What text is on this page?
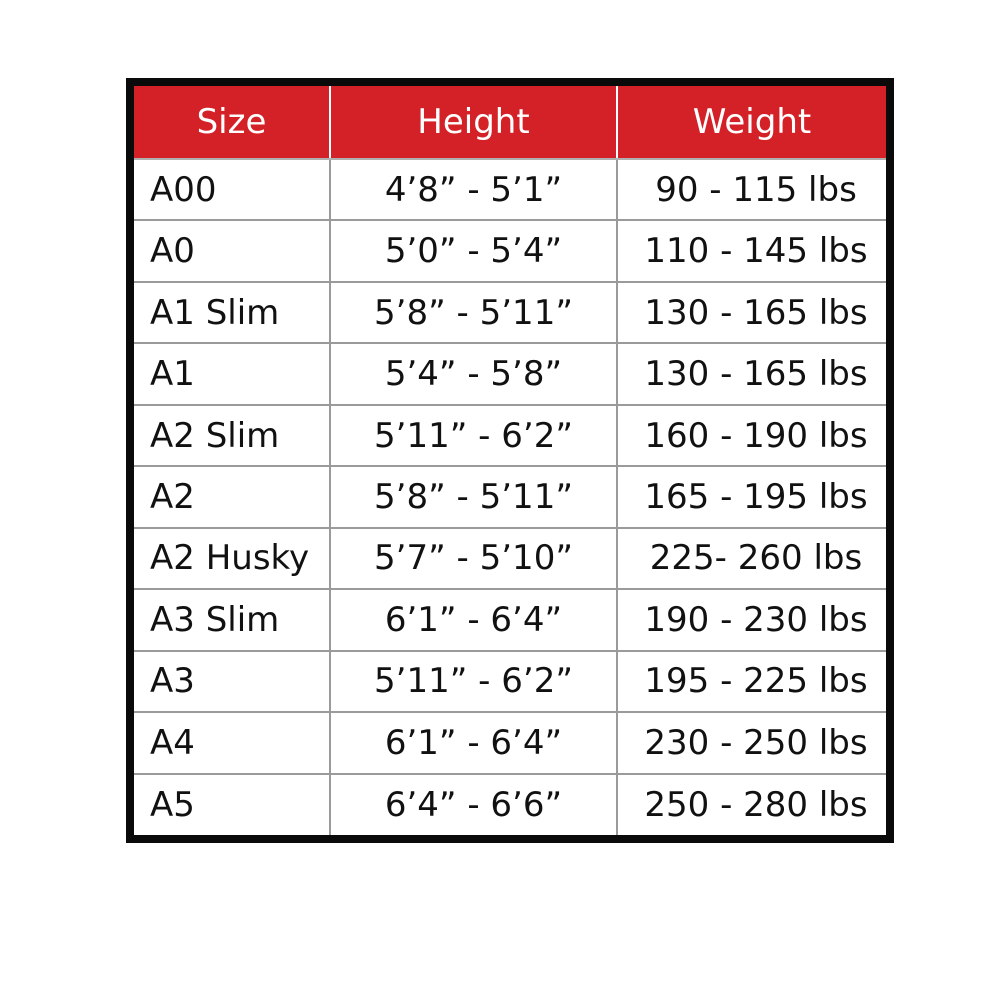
Size	Height	Weight
A00	4’8” - 5’1”	90 - 115 lbs
A0	5’0” - 5’4”	110 - 145 lbs
A1 Slim	5’8” - 5’11”	130 - 165 lbs
A1	5’4” - 5’8”	130 - 165 lbs
A2 Slim	5’11” - 6’2”	160 - 190 lbs
A2	5’8” - 5’11”	165 - 195 lbs
A2 Husky	5’7” - 5’10”	225- 260 lbs
A3 Slim	6’1” - 6’4”	190 - 230 lbs
A3	5’11” - 6’2”	195 - 225 lbs
A4	6’1” - 6’4”	230 - 250 lbs
A5	6’4” - 6’6”	250 - 280 lbs
